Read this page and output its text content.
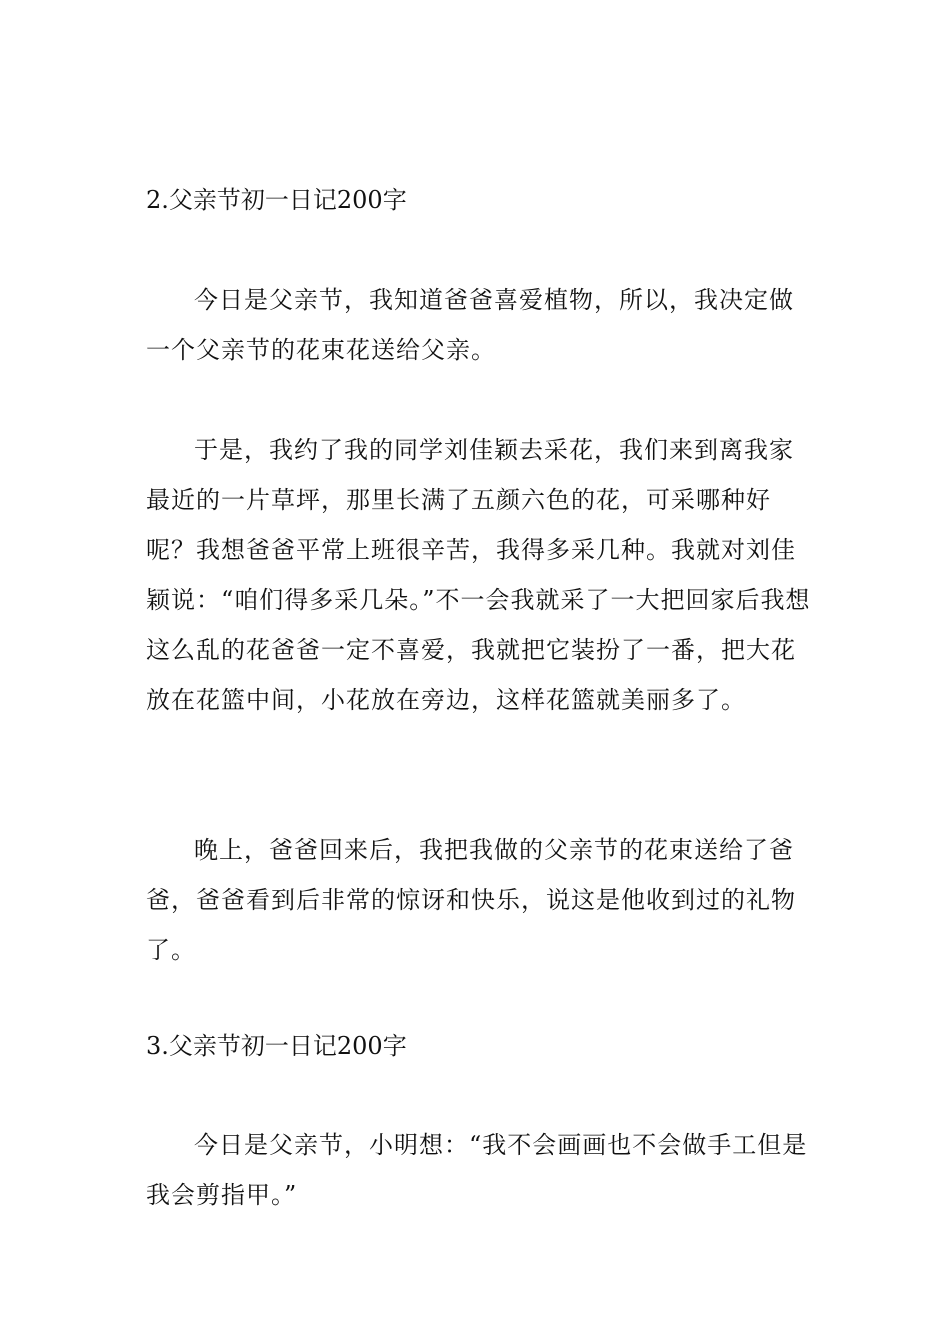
2.父亲节初一日记200字

今日是父亲节，我知道爸爸喜爱植物，所以，我决定做一个父亲节的花束花送给父亲。

于是，我约了我的同学刘佳颖去采花，我们来到离我家最近的一片草坪，那里长满了五颜六色的花，可采哪种好呢？我想爸爸平常上班很辛苦，我得多采几种。我就对刘佳颖说：“咱们得多采几朵。”不一会我就采了一大把回家后我想这么乱的花爸爸一定不喜爱，我就把它装扮了一番，把大花放在花篮中间，小花放在旁边，这样花篮就美丽多了。

晚上，爸爸回来后，我把我做的父亲节的花束送给了爸爸，爸爸看到后非常的惊讶和快乐，说这是他收到过的礼物了。

3.父亲节初一日记200字

今日是父亲节，小明想：“我不会画画也不会做手工但是我会剪指甲。”
